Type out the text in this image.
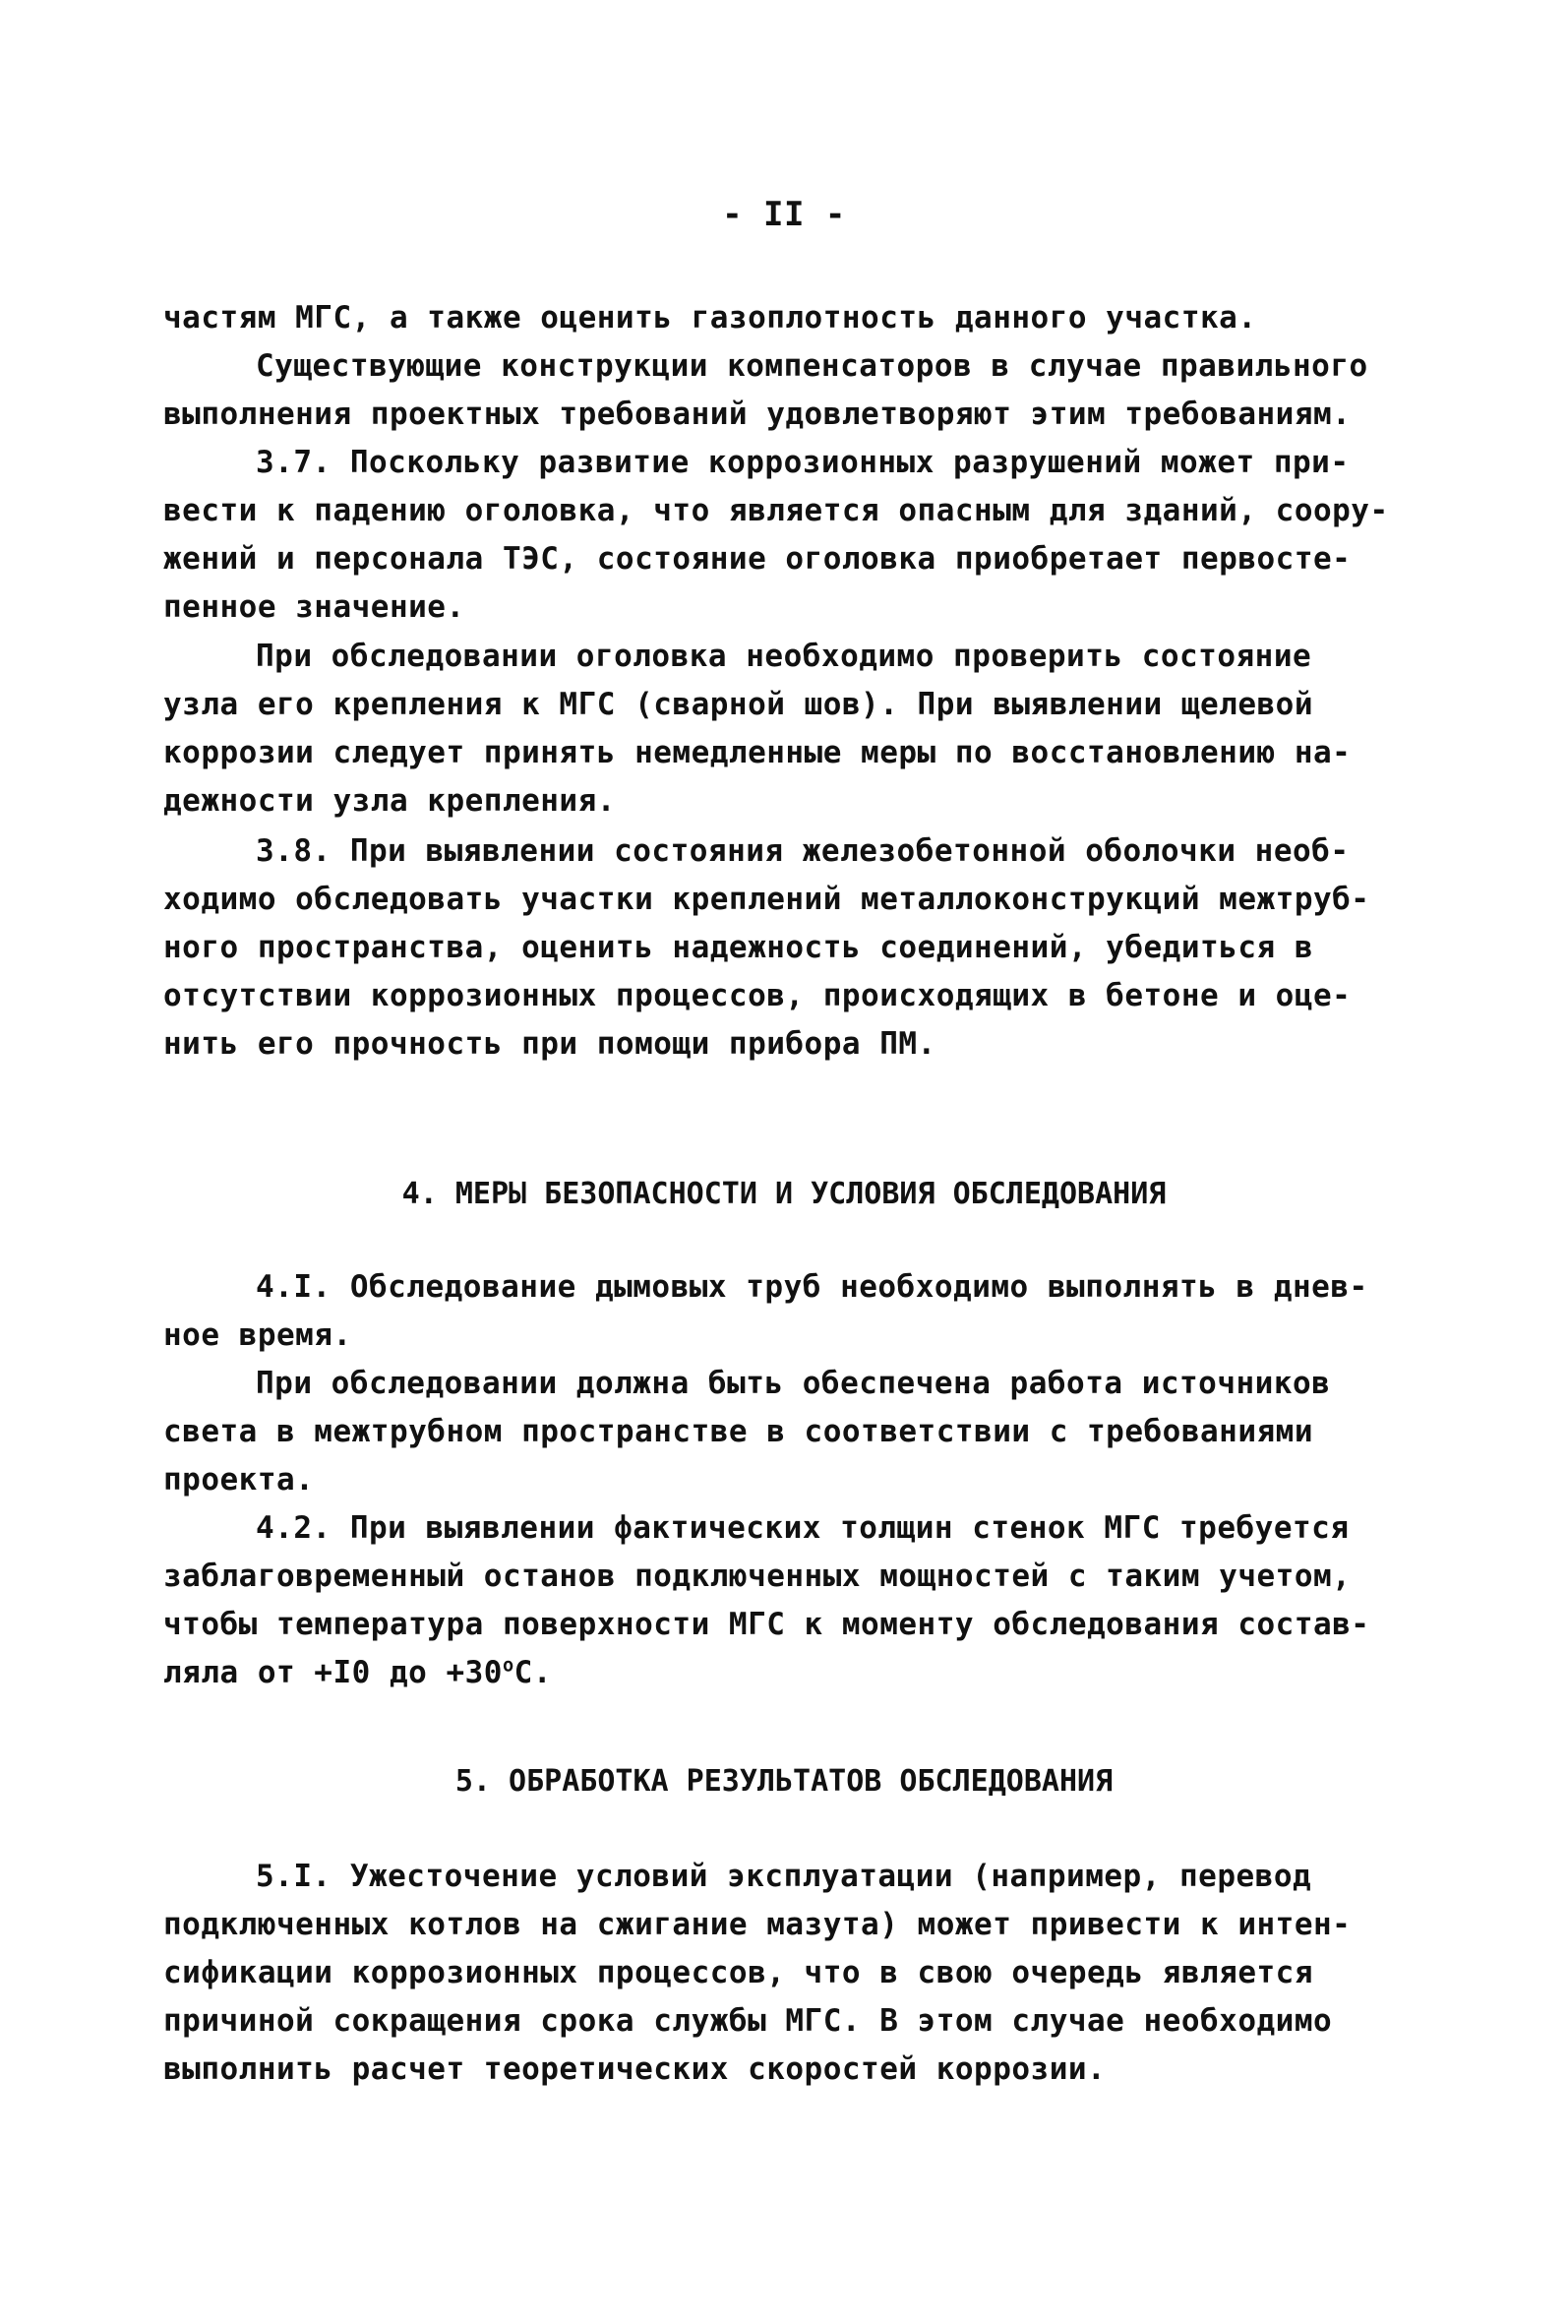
- II -
частям МГС, а также оценить газоплотность данного участка.
Существующие конструкции компенсаторов в случае правильного
выполнения проектных требований удовлетворяют этим требованиям.
3.7. Поскольку развитие коррозионных разрушений может при-
вести к падению оголовка, что является опасным для зданий, соору-
жений и персонала ТЭС, состояние оголовка приобретает первосте-
пенное значение.
При обследовании оголовка необходимо проверить состояние
узла его крепления к МГС (сварной шов). При выявлении щелевой
коррозии следует принять немедленные меры по восстановлению на-
дежности узла крепления.
3.8. При выявлении состояния железобетонной оболочки необ-
ходимо обследовать участки креплений металлоконструкций межтруб-
ного пространства, оценить надежность соединений, убедиться в
отсутствии коррозионных процессов, происходящих в бетоне и оце-
нить его прочность при помощи прибора ПМ.
4. МЕРЫ БЕЗОПАСНОСТИ И УСЛОВИЯ ОБСЛЕДОВАНИЯ
4.I. Обследование дымовых труб необходимо выполнять в днев-
ное время.
При обследовании должна быть обеспечена работа источников
света в межтрубном пространстве в соответствии с требованиями
проекта.
4.2. При выявлении фактических толщин стенок МГС требуется
заблаговременный останов подключенных мощностей с таким учетом,
чтобы температура поверхности МГС к моменту обследования состав-
ляла от +I0 до $+30^oС$.
5. ОБРАБОТКА РЕЗУЛЬТАТОВ ОБСЛЕДОВАНИЯ
5.I. Ужесточение условий эксплуатации (например, перевод
подключенных котлов на сжигание мазута) может привести к интен-
сификации коррозионных процессов, что в свою очередь является
причиной сокращения срока службы МГС. В этом случае необходимо
выполнить расчет теоретических скоростей коррозии.
